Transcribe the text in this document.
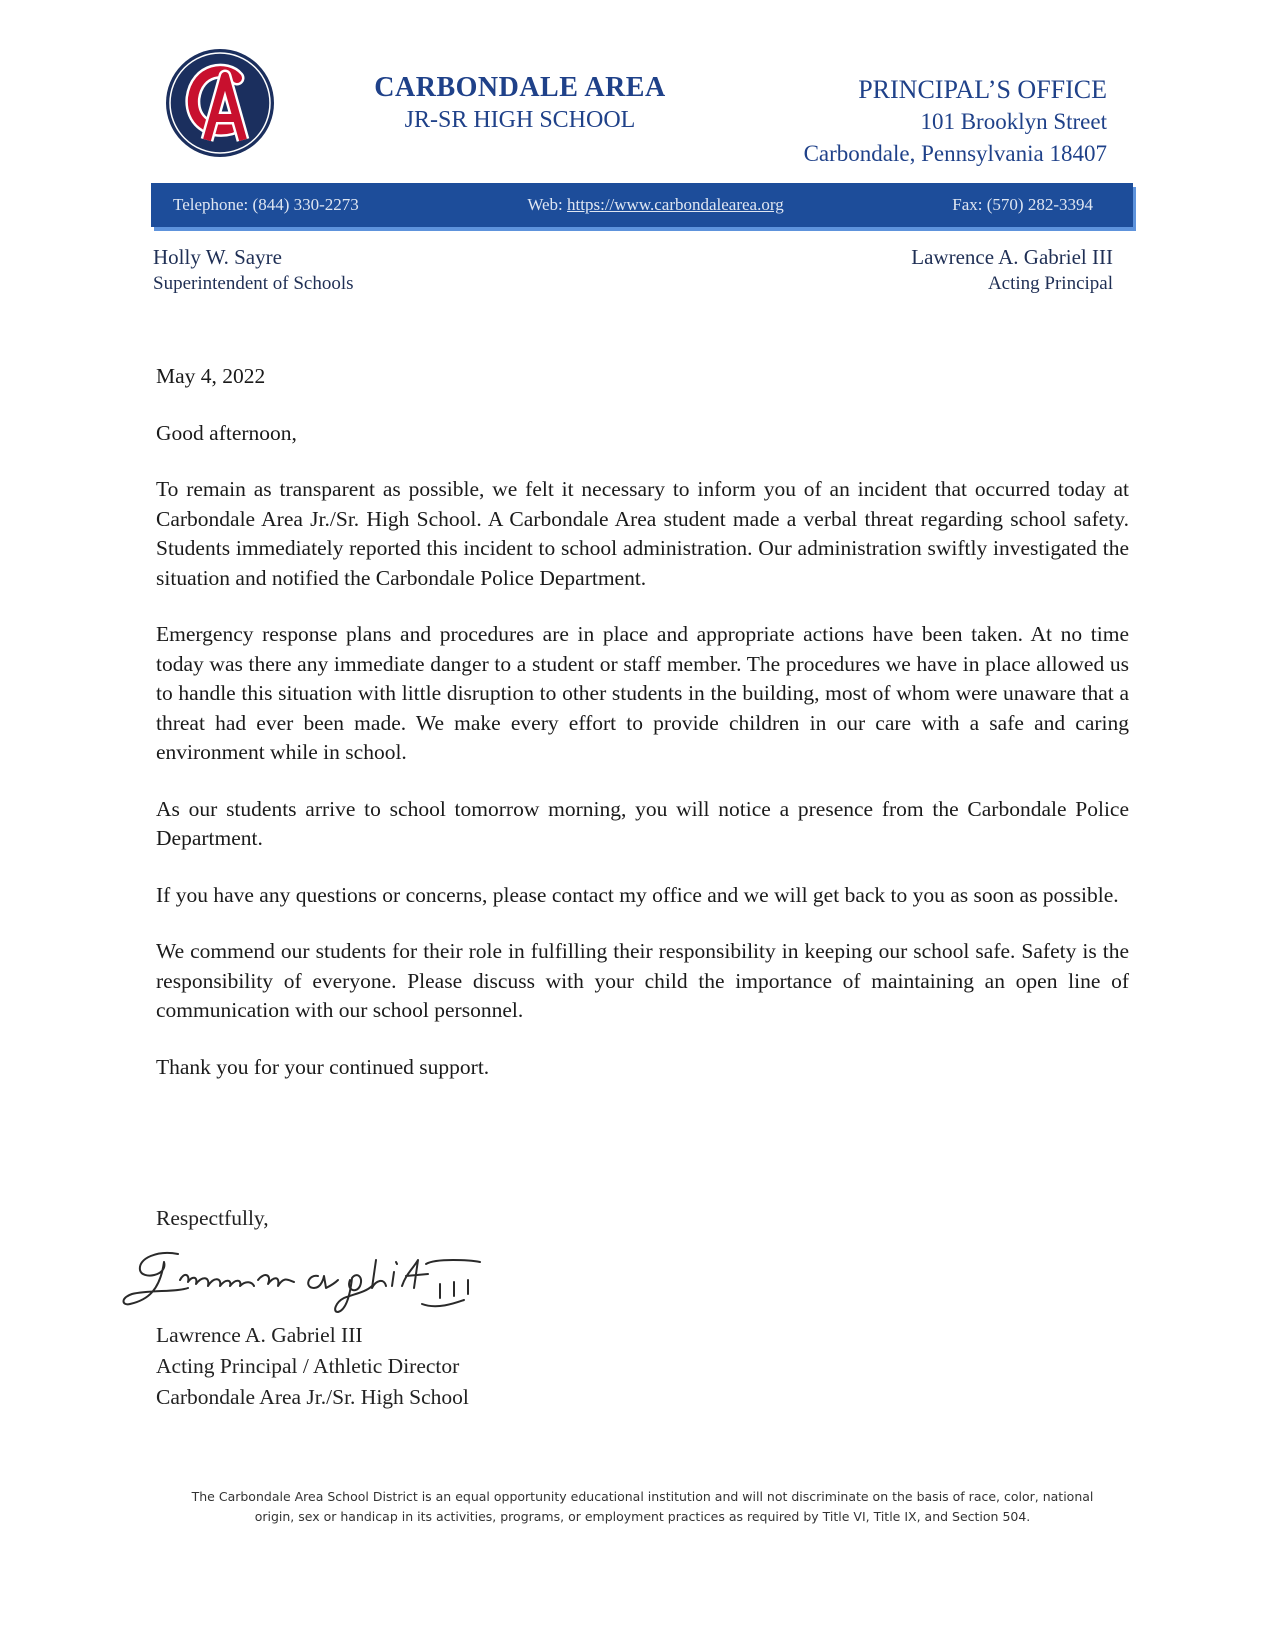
CARBONDALE AREA
JR-SR HIGH SCHOOL
PRINCIPAL’S OFFICE
101 Brooklyn Street
Carbondale, Pennsylvania 18407
Telephone: (844) 330-2273	Web: https://www.carbondalearea.org	Fax: (570) 282-3394
Holly W. Sayre
Superintendent of Schools
Lawrence A. Gabriel III
Acting Principal

May 4, 2022

Good afternoon,

To remain as transparent as possible, we felt it necessary to inform you of an incident that occurred today at Carbondale Area Jr./Sr. High School. A Carbondale Area student made a verbal threat regarding school safety. Students immediately reported this incident to school administration. Our administration swiftly investigated the situation and notified the Carbondale Police Department.

Emergency response plans and procedures are in place and appropriate actions have been taken. At no time today was there any immediate danger to a student or staff member. The procedures we have in place allowed us to handle this situation with little disruption to other students in the building, most of whom were unaware that a threat had ever been made. We make every effort to provide children in our care with a safe and caring environment while in school.

As our students arrive to school tomorrow morning, you will notice a presence from the Carbondale Police Department.

If you have any questions or concerns, please contact my office and we will get back to you as soon as possible.

We commend our students for their role in fulfilling their responsibility in keeping our school safe. Safety is the responsibility of everyone. Please discuss with your child the importance of maintaining an open line of communication with our school personnel.

Thank you for your continued support.

Respectfully,
Lawrence A. Gabriel III
Acting Principal / Athletic Director
Carbondale Area Jr./Sr. High School
The Carbondale Area School District is an equal opportunity educational institution and will not discriminate on the basis of race, color, national
origin, sex or handicap in its activities, programs, or employment practices as required by Title VI, Title IX, and Section 504.
